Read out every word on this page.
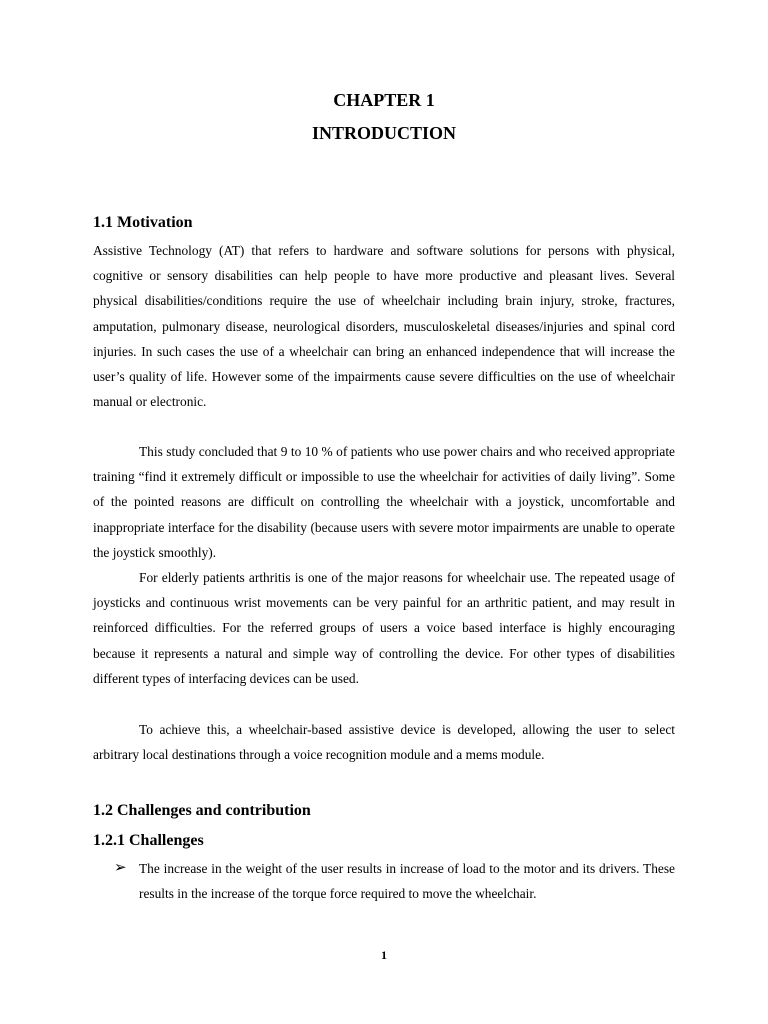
CHAPTER 1
INTRODUCTION
1.1 Motivation

Assistive Technology (AT) that refers to hardware and software solutions for persons with physical, cognitive or sensory disabilities can help people to have more productive and pleasant lives. Several physical disabilities/conditions require the use of wheelchair including brain injury, stroke, fractures, amputation, pulmonary disease, neurological disorders, musculoskeletal diseases/injuries and spinal cord injuries. In such cases the use of a wheelchair can bring an enhanced independence that will increase the user’s quality of life. However some of the impairments cause severe difficulties on the use of wheelchair manual or electronic.

This study concluded that 9 to 10 % of patients who use power chairs and who received appropriate training “find it extremely difficult or impossible to use the wheelchair for activities of daily living”. Some of the pointed reasons are difficult on controlling the wheelchair with a joystick, uncomfortable and inappropriate interface for the disability (because users with severe motor impairments are unable to operate the joystick smoothly).

For elderly patients arthritis is one of the major reasons for wheelchair use. The repeated usage of joysticks and continuous wrist movements can be very painful for an arthritic patient, and may result in reinforced difficulties. For the referred groups of users a voice based interface is highly encouraging because it represents a natural and simple way of controlling the device. For other types of disabilities different types of interfacing devices can be used.

To achieve this, a wheelchair-based assistive device is developed, allowing the user to select arbitrary local destinations through a voice recognition module and a mems module.

1.2 Challenges and contribution
1.2.1 Challenges
➢ The increase in the weight of the user results in increase of load to the motor and its drivers. These results in the increase of the torque force required to move the wheelchair.
1
